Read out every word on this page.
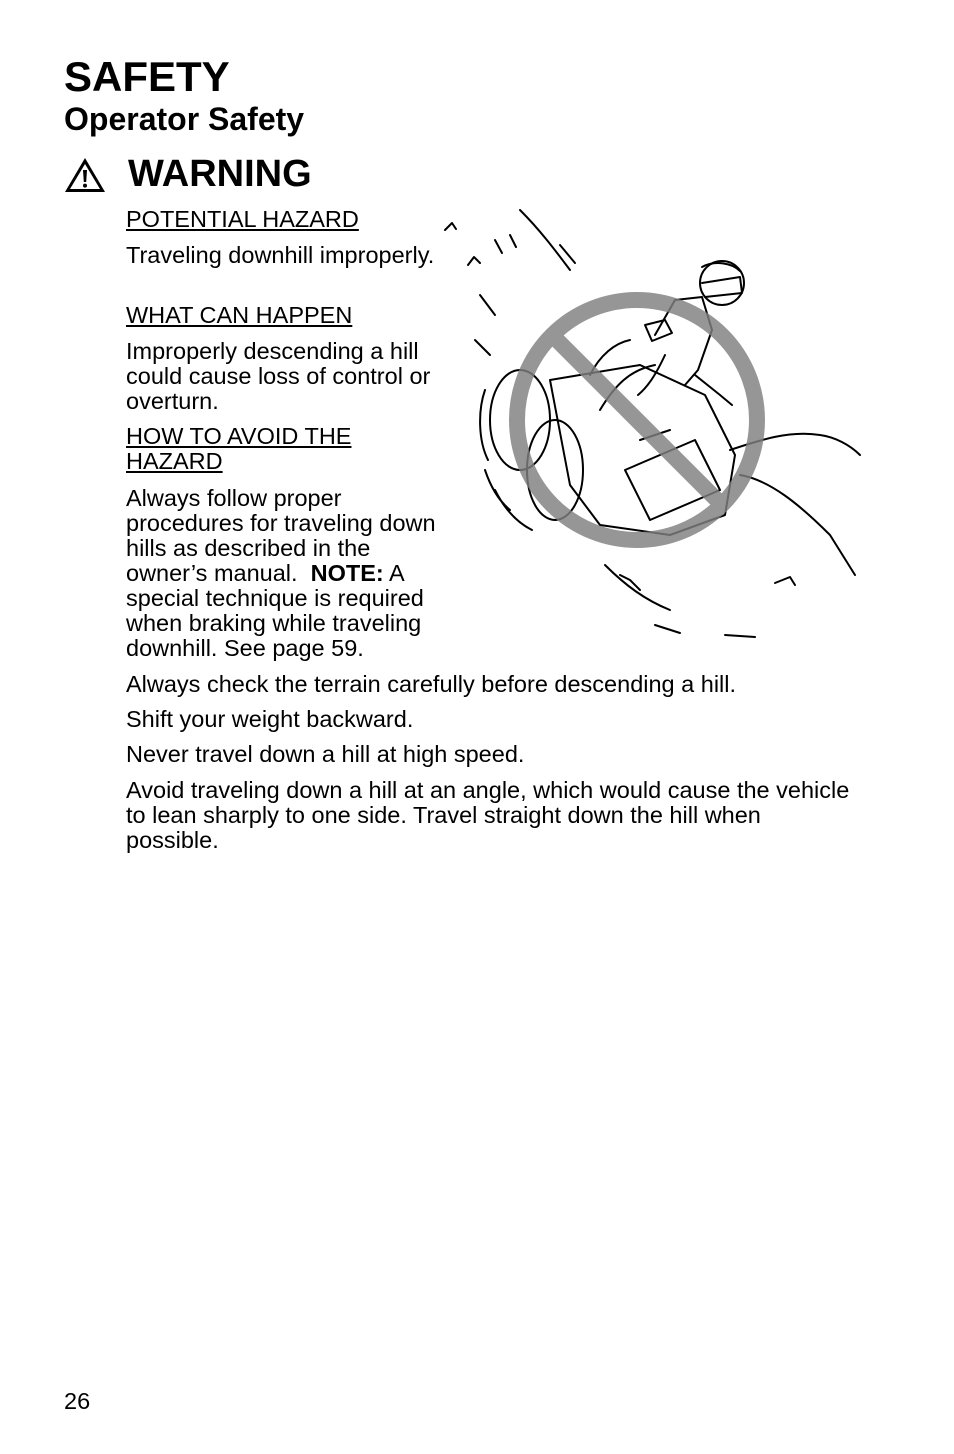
SAFETY
Operator Safety
WARNING
POTENTIAL HAZARD
Traveling downhill improperly.
WHAT CAN HAPPEN
Improperly descending a hill could cause loss of control or overturn.
HOW TO AVOID THE HAZARD
Always follow proper procedures for traveling down hills as described in the owner’s manual. NOTE: A special technique is required when braking while traveling downhill. See page 59.
Always check the terrain carefully before descending a hill.
Shift your weight backward.
Never travel down a hill at high speed.
Avoid traveling down a hill at an angle, which would cause the vehicle to lean sharply to one side. Travel straight down the hill when possible.
26
